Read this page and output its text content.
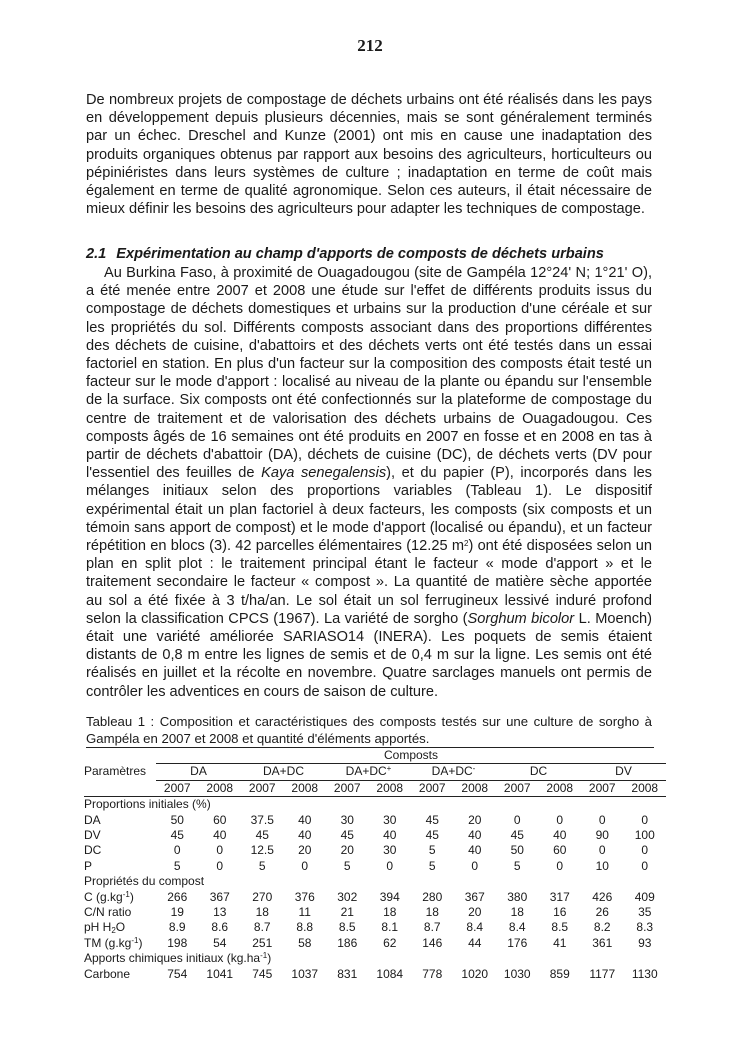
212

De nombreux projets de compostage de déchets urbains ont été réalisés dans les pays en développement depuis plusieurs décennies, mais se sont généralement terminés par un échec. Dreschel and Kunze (2001) ont mis en cause une inadaptation des produits organiques obtenus par rapport aux besoins des agriculteurs, horticulteurs ou pépiniéristes dans leurs systèmes de culture ; inadaptation en terme de coût mais également en terme de qualité agronomique. Selon ces auteurs, il était nécessaire de mieux définir les besoins des agriculteurs pour adapter les techniques de compostage.

2.1 Expérimentation au champ d'apports de composts de déchets urbains

Au Burkina Faso, à proximité de Ouagadougou (site de Gampéla 12°24' N; 1°21' O), a été menée entre 2007 et 2008 une étude sur l'effet de différents produits issus du compostage de déchets domestiques et urbains sur la production d'une céréale et sur les propriétés du sol. Différents composts associant dans des proportions différentes des déchets de cuisine, d'abattoirs et des déchets verts ont été testés dans un essai factoriel en station. En plus d'un facteur sur la composition des composts était testé un facteur sur le mode d'apport : localisé au niveau de la plante ou épandu sur l'ensemble de la surface. Six composts ont été confectionnés sur la plateforme de compostage du centre de traitement et de valorisation des déchets urbains de Ouagadougou. Ces composts âgés de 16 semaines ont été produits en 2007 en fosse et en 2008 en tas à partir de déchets d'abattoir (DA), déchets de cuisine (DC), de déchets verts (DV pour l'essentiel des feuilles de Kaya senegalensis), et du papier (P), incorporés dans les mélanges initiaux selon des proportions variables (Tableau 1). Le dispositif expérimental était un plan factoriel à deux facteurs, les composts (six composts et un témoin sans apport de compost) et le mode d'apport (localisé ou épandu), et un facteur répétition en blocs (3). 42 parcelles élémentaires (12.25 $m^2$) ont été disposées selon un plan en split plot : le traitement principal étant le facteur « mode d'apport » et le traitement secondaire le facteur « compost ». La quantité de matière sèche apportée au sol a été fixée à 3 t/ha/an. Le sol était un sol ferrugineux lessivé induré profond selon la classification CPCS (1967). La variété de sorgho (Sorghum bicolor L. Moench) était une variété améliorée SARIASO14 (INERA). Les poquets de semis étaient distants de 0,8 m entre les lignes de semis et de 0,4 m sur la ligne. Les semis ont été réalisés en juillet et la récolte en novembre. Quatre sarclages manuels ont permis de contrôler les adventices en cours de saison de culture.

Tableau 1 : Composition et caractéristiques des composts testés sur une culture de sorgho à Gampéla en 2007 et 2008 et quantité d'éléments apportés.

	Composts											
Paramètres	DA		DA+DC		DA+DC+		DA+DC-		DC		DV	
	2007	2008	2007	2008	2007	2008	2007	2008	2007	2008	2007	2008
Proportions initiales (%)												
DA	50	60	37.5	40	30	30	45	20	0	0	0	0
DV	45	40	45	40	45	40	45	40	45	40	90	100
DC	0	0	12.5	20	20	30	5	40	50	60	0	0
P	5	0	5	0	5	0	5	0	5	0	10	0
Propriétés du compost												
C $(g.kg^{-1})$	266	367	270	376	302	394	280	367	380	317	426	409
C/N ratio	19	13	18	11	21	18	18	20	18	16	26	35
pH $H_2O$	8.9	8.6	8.7	8.8	8.5	8.1	8.7	8.4	8.4	8.5	8.2	8.3
TM $(g.kg^{-1})$	198	54	251	58	186	62	146	44	176	41	361	93
Apports chimiques initiaux $(kg.ha^{-1})$												
Carbone	754	1041	745	1037	831	1084	778	1020	1030	859	1177	1130
